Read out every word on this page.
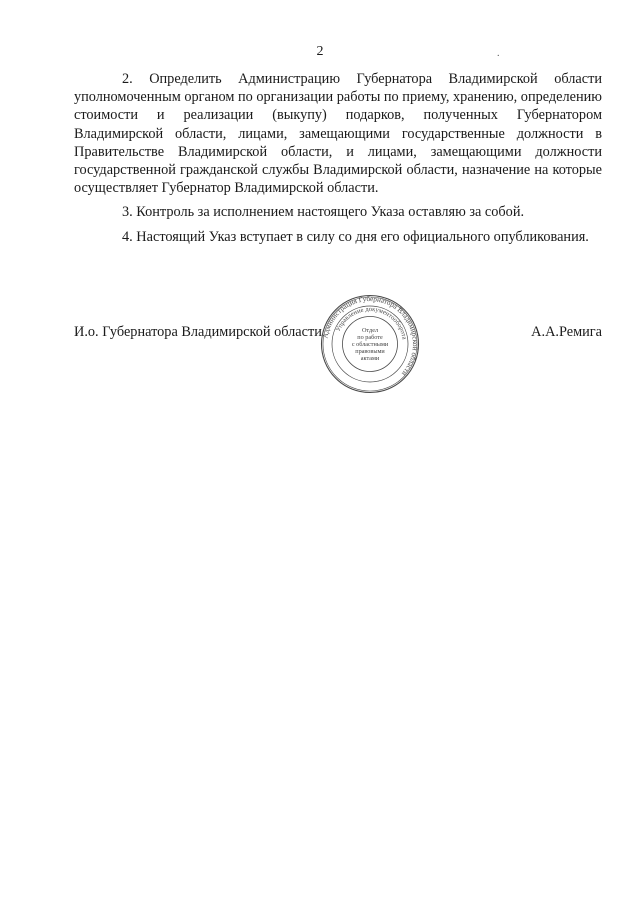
2	.

2. Определить Администрацию Губернатора Владимирской области уполномоченным органом по организации работы по приему, хранению, определению стоимости и реализации (выкупу) подарков, полученных Губернатором Владимирской области, лицами, замещающими государственные должности в Правительстве Владимирской области, и лицами, замещающими должности государственной гражданской службы Владимирской области, назначение на которые осуществляет Губернатор Владимирской области.

3. Контроль за исполнением настоящего Указа оставляю за собой.

4. Настоящий Указ вступает в силу со дня его официального опубликования.

И.о. Губернатора Владимирской области	А.А.Ремига
Администрация Губернатора Владимирской области
Управление документооборота
Отдел
по работе
с областными
правовыми
актами
